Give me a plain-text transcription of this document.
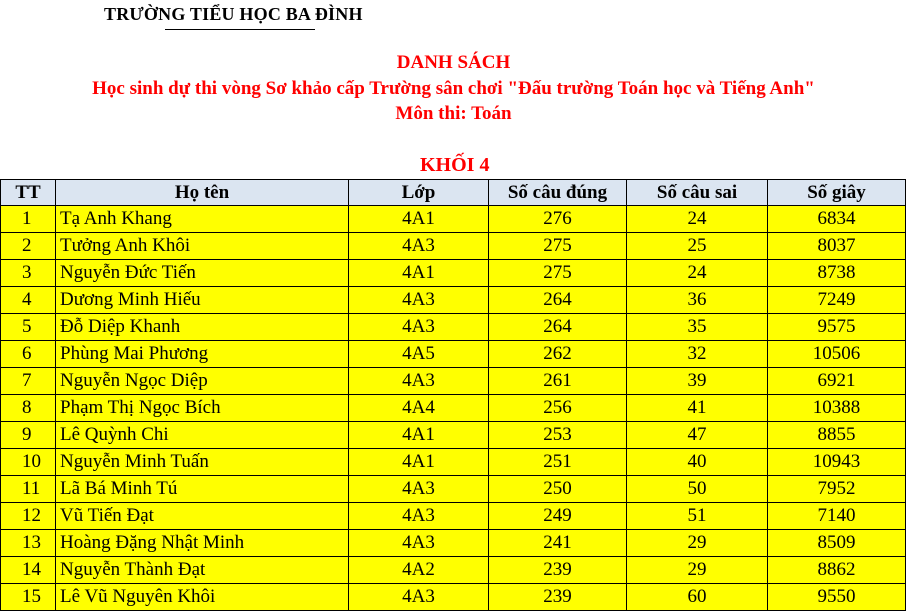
TRƯỜNG TIỂU HỌC BA ĐÌNH
DANH SÁCH
Học sinh dự thi vòng Sơ khảo cấp Trường sân chơi "Đấu trường Toán học và Tiếng Anh"
Môn thi: Toán
KHỐI 4
TT	Họ tên	Lớp	Số câu đúng	Số câu sai	Số giây
1	Tạ Anh Khang	4A1	276	24	6834
2	Tưởng Anh Khôi	4A3	275	25	8037
3	Nguyễn Đức Tiến	4A1	275	24	8738
4	Dương Minh Hiếu	4A3	264	36	7249
5	Đỗ Diệp Khanh	4A3	264	35	9575
6	Phùng Mai Phương	4A5	262	32	10506
7	Nguyễn Ngọc Diệp	4A3	261	39	6921
8	Phạm Thị Ngọc Bích	4A4	256	41	10388
9	Lê Quỳnh Chi	4A1	253	47	8855
10	Nguyễn Minh Tuấn	4A1	251	40	10943
11	Lã Bá Minh Tú	4A3	250	50	7952
12	Vũ Tiến Đạt	4A3	249	51	7140
13	Hoàng Đặng Nhật Minh	4A3	241	29	8509
14	Nguyễn Thành Đạt	4A2	239	29	8862
15	Lê Vũ Nguyên Khôi	4A3	239	60	9550
